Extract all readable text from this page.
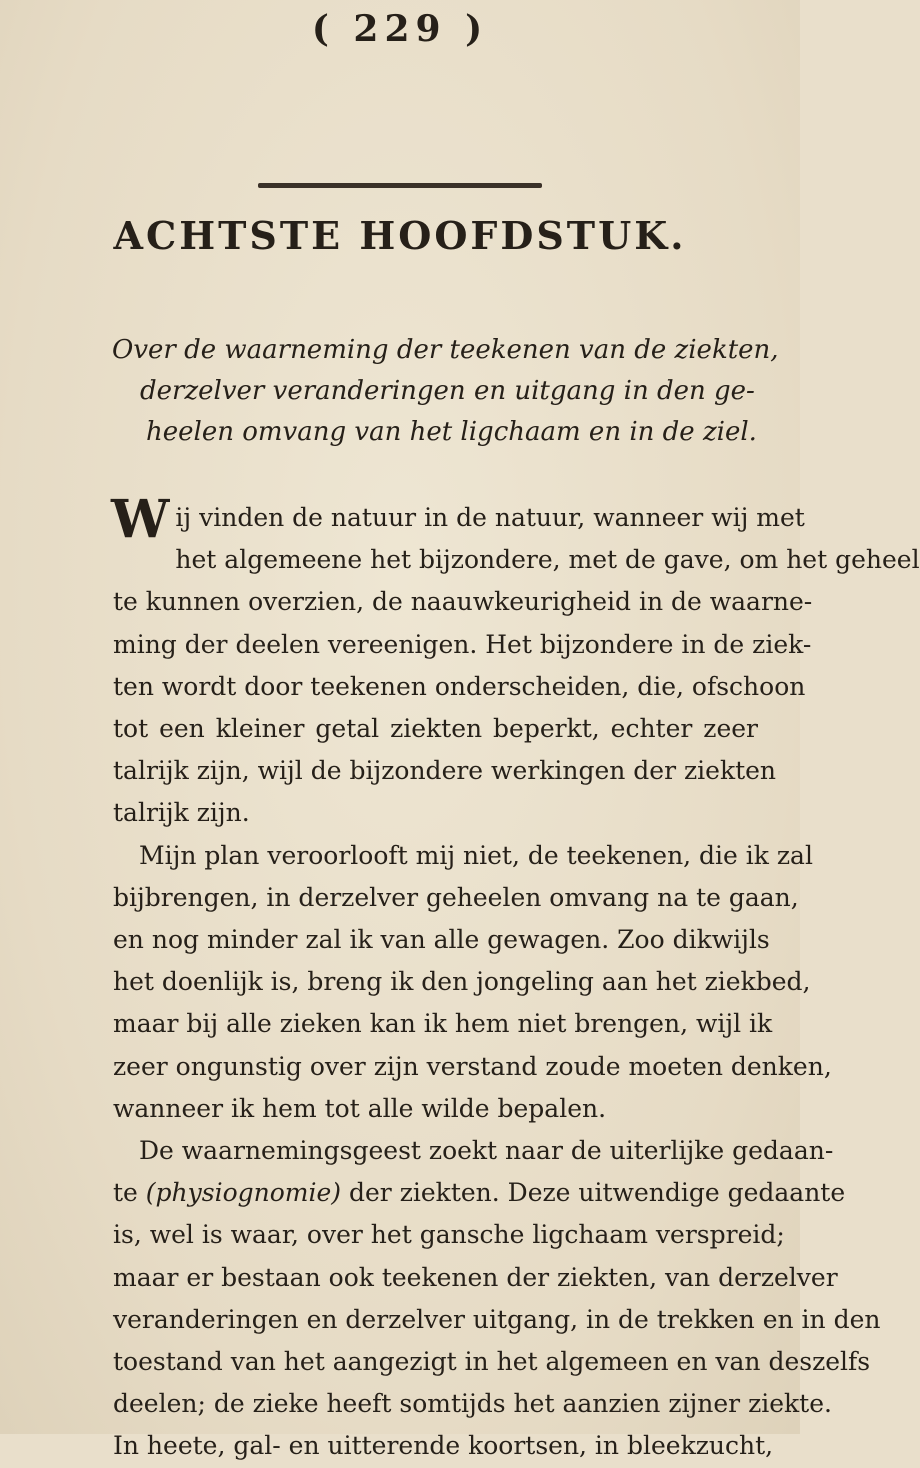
( 229 )
ACHTSTE HOOFDSTUK.
Over de waarneming der teekenen van de ziekten,
derzelver veranderingen en uitgang in den ge-
heelen omvang van het ligchaam en in de ziel.
W ij vinden de natuur in de natuur, wanneer wij met
het algemeene het bijzondere, met de gave, om het geheel
te kunnen overzien, de naauwkeurigheid in de waarne-
ming der deelen vereenigen. Het bijzondere in de ziek-
ten wordt door teekenen onderscheiden, die, ofschoon
tot een kleiner getal ziekten beperkt, echter zeer
talrijk zijn, wijl de bijzondere werkingen der ziekten
talrijk zijn.
Mijn plan veroorlooft mij niet, de teekenen, die ik zal
bijbrengen, in derzelver geheelen omvang na te gaan,
en nog minder zal ik van alle gewagen. Zoo dikwijls
het doenlijk is, breng ik den jongeling aan het ziekbed,
maar bij alle zieken kan ik hem niet brengen, wijl ik
zeer ongunstig over zijn verstand zoude moeten denken,
wanneer ik hem tot alle wilde bepalen.
De waarnemingsgeest zoekt naar de uiterlijke gedaan-
te (physiognomie) der ziekten. Deze uitwendige gedaante
is, wel is waar, over het gansche ligchaam verspreid;
maar er bestaan ook teekenen der ziekten, van derzelver
veranderingen en derzelver uitgang, in de trekken en in den
toestand van het aangezigt in het algemeen en van deszelfs
deelen; de zieke heeft somtijds het aanzien zijner ziekte.
In heete, gal- en uitterende koortsen, in bleekzucht,
